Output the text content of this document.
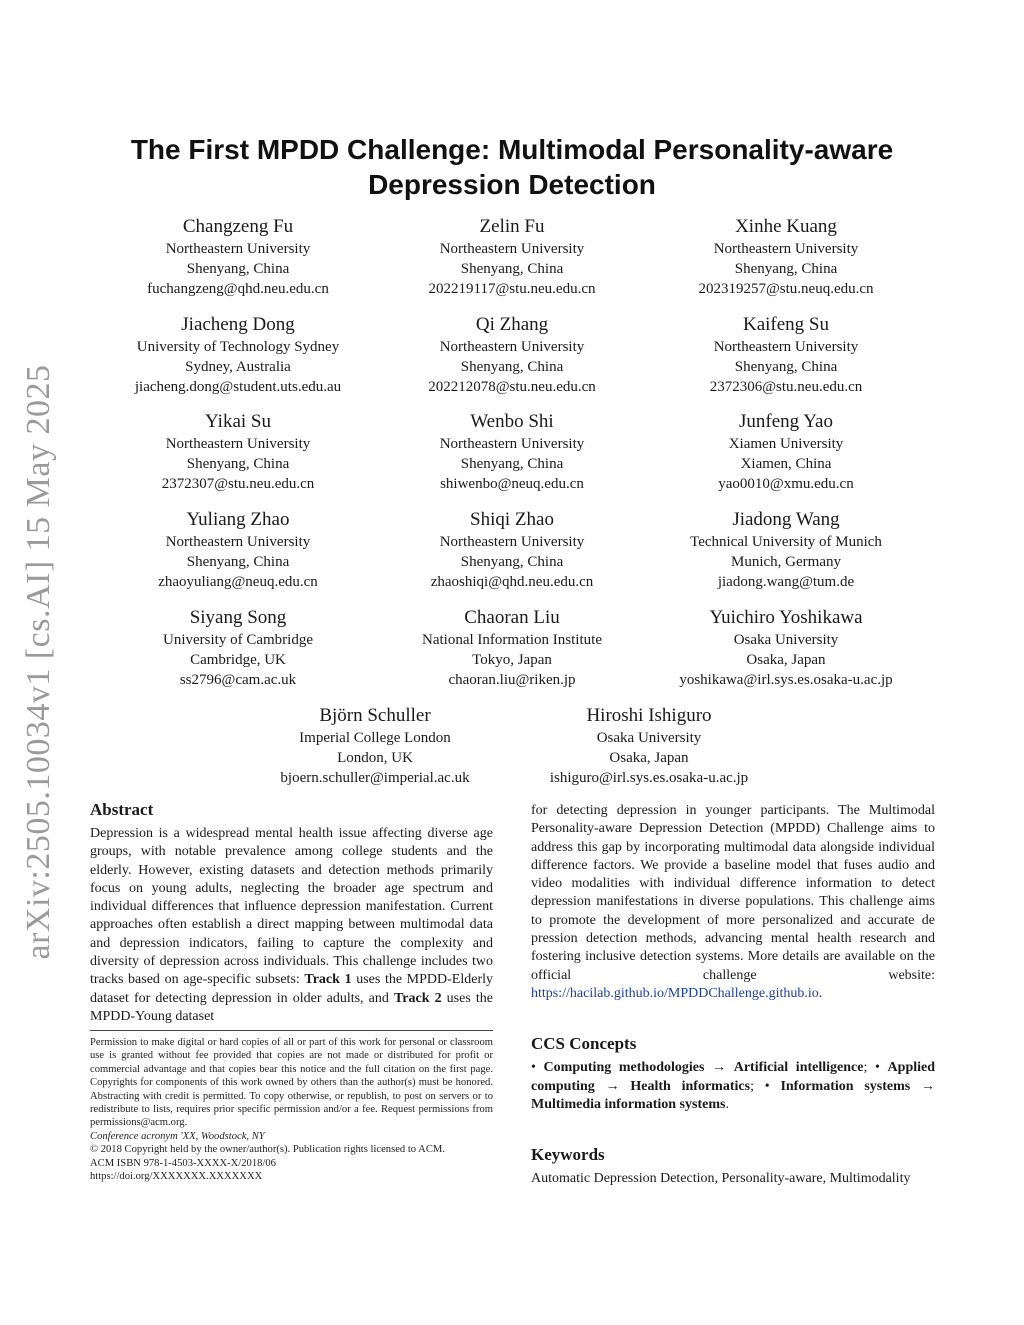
arXiv:2505.10034v1 [cs.AI] 15 May 2025
The First MPDD Challenge: Multimodal Personality-aware
Depression Detection
Changzeng Fu
Northeastern University
Shenyang, China
fuchangzeng@qhd.neu.edu.cn
Zelin Fu
Northeastern University
Shenyang, China
202219117@stu.neu.edu.cn
Xinhe Kuang
Northeastern University
Shenyang, China
202319257@stu.neuq.edu.cn
Jiacheng Dong
University of Technology Sydney
Sydney, Australia
jiacheng.dong@student.uts.edu.au
Qi Zhang
Northeastern University
Shenyang, China
202212078@stu.neu.edu.cn
Kaifeng Su
Northeastern University
Shenyang, China
2372306@stu.neu.edu.cn
Yikai Su
Northeastern University
Shenyang, China
2372307@stu.neu.edu.cn
Wenbo Shi
Northeastern University
Shenyang, China
shiwenbo@neuq.edu.cn
Junfeng Yao
Xiamen University
Xiamen, China
yao0010@xmu.edu.cn
Yuliang Zhao
Northeastern University
Shenyang, China
zhaoyuliang@neuq.edu.cn
Shiqi Zhao
Northeastern University
Shenyang, China
zhaoshiqi@qhd.neu.edu.cn
Jiadong Wang
Technical University of Munich
Munich, Germany
jiadong.wang@tum.de
Siyang Song
University of Cambridge
Cambridge, UK
ss2796@cam.ac.uk
Chaoran Liu
National Information Institute
Tokyo, Japan
chaoran.liu@riken.jp
Yuichiro Yoshikawa
Osaka University
Osaka, Japan
yoshikawa@irl.sys.es.osaka-u.ac.jp
Björn Schuller
Imperial College London
London, UK
bjoern.schuller@imperial.ac.uk
Hiroshi Ishiguro
Osaka University
Osaka, Japan
ishiguro@irl.sys.es.osaka-u.ac.jp
Abstract

Depression is a widespread mental health issue affecting diverse age groups, with notable prevalence among college students and the elderly. However, existing datasets and detection methods primarily focus on young adults, neglecting the broader age spectrum and individual differences that influence depression manifestation. Current approaches often establish a direct mapping between multimodal data and depression indicators, failing to capture the complexity and diversity of depression across individuals. This challenge includes two tracks based on age-specific subsets: Track 1 uses the MPDD-Elderly dataset for detecting depression in older adults, and Track 2 uses the MPDD-Young dataset

Permission to make digital or hard copies of all or part of this work for personal or classroom use is granted without fee provided that copies are not made or distributed for profit or commercial advantage and that copies bear this notice and the full citation on the first page. Copyrights for components of this work owned by others than the author(s) must be honored. Abstracting with credit is permitted. To copy otherwise, or republish, to post on servers or to redistribute to lists, requires prior specific permission and/or a fee. Request permissions from permissions@acm.org.
Conference acronym 'XX, Woodstock, NY
© 2018 Copyright held by the owner/author(s). Publication rights licensed to ACM.
ACM ISBN 978-1-4503-XXXX-X/2018/06
https://doi.org/XXXXXXX.XXXXXXX

for detecting depression in younger participants. The Multimodal Personality-aware Depression Detection (MPDD) Challenge aims to address this gap by incorporating multimodal data alongside individual difference factors. We provide a baseline model that fuses audio and video modalities with individual difference information to detect depression manifestations in diverse populations. This challenge aims to promote the development of more personalized and accurate de pression detection methods, advancing mental health research and fostering inclusive detection systems. More details are available on the official challenge website: https://hacilab.github.io/MPDDChallenge.github.io.

CCS Concepts

• Computing methodologies → Artificial intelligence; • Applied computing → Health informatics; • Information systems → Multimedia information systems.

Keywords

Automatic Depression Detection, Personality-aware, Multimodality
